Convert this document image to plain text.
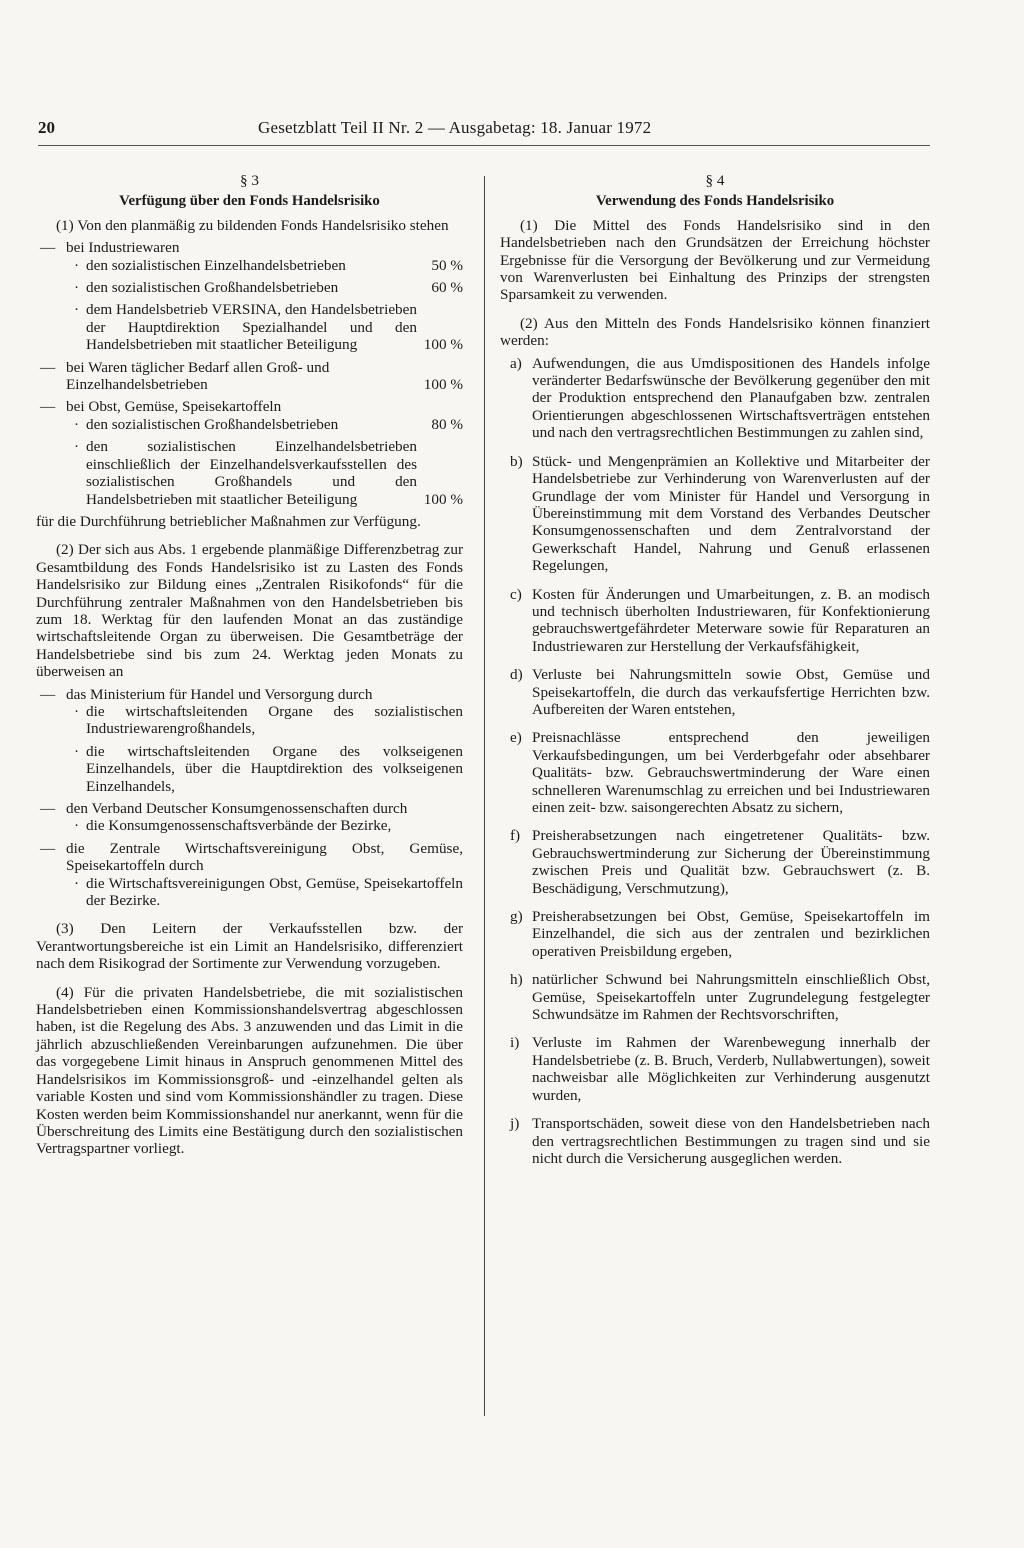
20	Gesetzblatt Teil II Nr. 2 — Ausgabetag: 18. Januar 1972

§ 3

Verfügung über den Fonds Handelsrisiko

(1) Von den planmäßig zu bildenden Fonds Handelsrisiko stehen

— bei Industriewaren
· den sozialistischen Einzelhandelsbetrieben	50 %
· den sozialistischen Großhandelsbetrieben	60 %
· dem Handelsbetrieb VERSINA, den Handelsbetrieben der Hauptdirektion Spezialhandel und den Handelsbetrieben mit staatlicher Beteiligung	100 %
— bei Waren täglicher Bedarf allen Groß- und Einzelhandelsbetrieben	100 %
— bei Obst, Gemüse, Speisekartoffeln
· den sozialistischen Großhandelsbetrieben	80 %
· den sozialistischen Einzelhandelsbetrieben einschließlich der Einzelhandelsverkaufsstellen des sozialistischen Großhandels und den Handelsbetrieben mit staatlicher Beteiligung	100 %

für die Durchführung betrieblicher Maßnahmen zur Verfügung.

(2) Der sich aus Abs. 1 ergebende planmäßige Differenzbetrag zur Gesamtbildung des Fonds Handelsrisiko ist zu Lasten des Fonds Handelsrisiko zur Bildung eines „Zentralen Risikofonds“ für die Durchführung zentraler Maßnahmen von den Handelsbetrieben bis zum 18. Werktag für den laufenden Monat an das zuständige wirtschaftsleitende Organ zu überweisen. Die Gesamtbeträge der Handelsbetriebe sind bis zum 24. Werktag jeden Monats zu überweisen an

— das Ministerium für Handel und Versorgung durch
· die wirtschaftsleitenden Organe des sozialistischen Industriewarengroßhandels,
· die wirtschaftsleitenden Organe des volkseigenen Einzelhandels, über die Hauptdirektion des volkseigenen Einzelhandels,
— den Verband Deutscher Konsumgenossenschaften durch
· die Konsumgenossenschaftsverbände der Bezirke,
— die Zentrale Wirtschaftsvereinigung Obst, Gemüse, Speisekartoffeln durch
· die Wirtschaftsvereinigungen Obst, Gemüse, Speisekartoffeln der Bezirke.

(3) Den Leitern der Verkaufsstellen bzw. der Verantwortungsbereiche ist ein Limit an Handelsrisiko, differenziert nach dem Risikograd der Sortimente zur Verwendung vorzugeben.

(4) Für die privaten Handelsbetriebe, die mit sozialistischen Handelsbetrieben einen Kommissionshandelsvertrag abgeschlossen haben, ist die Regelung des Abs. 3 anzuwenden und das Limit in die jährlich abzuschließenden Vereinbarungen aufzunehmen. Die über das vorgegebene Limit hinaus in Anspruch genommenen Mittel des Handelsrisikos im Kommissionsgroß- und -einzelhandel gelten als variable Kosten und sind vom Kommissionshändler zu tragen. Diese Kosten werden beim Kommissionshandel nur anerkannt, wenn für die Überschreitung des Limits eine Bestätigung durch den sozialistischen Vertragspartner vorliegt.

§ 4

Verwendung des Fonds Handelsrisiko

(1) Die Mittel des Fonds Handelsrisiko sind in den Handelsbetrieben nach den Grundsätzen der Erreichung höchster Ergebnisse für die Versorgung der Bevölkerung und zur Vermeidung von Warenverlusten bei Einhaltung des Prinzips der strengsten Sparsamkeit zu verwenden.

(2) Aus den Mitteln des Fonds Handelsrisiko können finanziert werden:

a) Aufwendungen, die aus Umdispositionen des Handels infolge veränderter Bedarfswünsche der Bevölkerung gegenüber den mit der Produktion entsprechend den Planaufgaben bzw. zentralen Orientierungen abgeschlossenen Wirtschaftsverträgen entstehen und nach den vertragsrechtlichen Bestimmungen zu zahlen sind,
b) Stück- und Mengenprämien an Kollektive und Mitarbeiter der Handelsbetriebe zur Verhinderung von Warenverlusten auf der Grundlage der vom Minister für Handel und Versorgung in Übereinstimmung mit dem Vorstand des Verbandes Deutscher Konsumgenossenschaften und dem Zentralvorstand der Gewerkschaft Handel, Nahrung und Genuß erlassenen Regelungen,
c) Kosten für Änderungen und Umarbeitungen, z. B. an modisch und technisch überholten Industriewaren, für Konfektionierung gebrauchswertgefährdeter Meterware sowie für Reparaturen an Industriewaren zur Herstellung der Verkaufsfähigkeit,
d) Verluste bei Nahrungsmitteln sowie Obst, Gemüse und Speisekartoffeln, die durch das verkaufsfertige Herrichten bzw. Aufbereiten der Waren entstehen,
e) Preisnachlässe entsprechend den jeweiligen Verkaufsbedingungen, um bei Verderbgefahr oder absehbarer Qualitäts- bzw. Gebrauchswertminderung der Ware einen schnelleren Warenumschlag zu erreichen und bei Industriewaren einen zeit- bzw. saisongerechten Absatz zu sichern,
f) Preisherabsetzungen nach eingetretener Qualitäts- bzw. Gebrauchswertminderung zur Sicherung der Übereinstimmung zwischen Preis und Qualität bzw. Gebrauchswert (z. B. Beschädigung, Verschmutzung),
g) Preisherabsetzungen bei Obst, Gemüse, Speisekartoffeln im Einzelhandel, die sich aus der zentralen und bezirklichen operativen Preisbildung ergeben,
h) natürlicher Schwund bei Nahrungsmitteln einschließlich Obst, Gemüse, Speisekartoffeln unter Zugrundelegung festgelegter Schwundsätze im Rahmen der Rechtsvorschriften,
i) Verluste im Rahmen der Warenbewegung innerhalb der Handelsbetriebe (z. B. Bruch, Verderb, Nullabwertungen), soweit nachweisbar alle Möglichkeiten zur Verhinderung ausgenutzt wurden,
j) Transportschäden, soweit diese von den Handelsbetrieben nach den vertragsrechtlichen Bestimmungen zu tragen sind und sie nicht durch die Versicherung ausgeglichen werden.
